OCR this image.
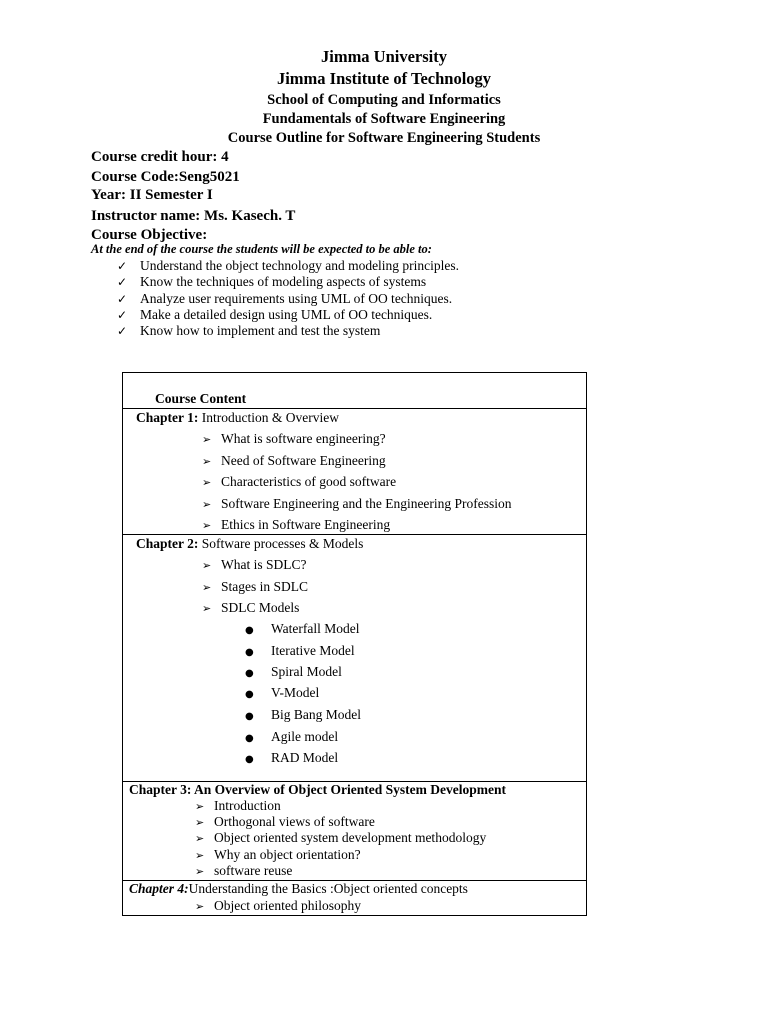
Jimma University
Jimma Institute of Technology
School of Computing and Informatics
Fundamentals of Software Engineering
Course Outline for Software Engineering Students
Course credit hour: 4
Course Code:Seng5021
Year: II Semester I
Instructor name: Ms. Kasech. T
Course Objective:
At the end of the course the students will be expected to be able to:
✓ Understand the object technology and modeling principles.
✓ Know the techniques of modeling aspects of systems
✓ Analyze user requirements using UML of OO techniques.
✓ Make a detailed design using UML of OO techniques.
✓ Know how to implement and test the system
Course Content
Chapter 1: Introduction & Overview
➢ What is software engineering?
➢ Need of Software Engineering
➢ Characteristics of good software
➢ Software Engineering and the Engineering Profession
➢ Ethics in Software Engineering
Chapter 2: Software processes & Models
➢ What is SDLC?
➢ Stages in SDLC
➢ SDLC Models
● Waterfall Model
● Iterative Model
● Spiral Model
● V-Model
● Big Bang Model
● Agile model
● RAD Model
Chapter 3: An Overview of Object Oriented System Development
➢ Introduction
➢ Orthogonal views of software
➢ Object oriented system development methodology
➢ Why an object orientation?
➢ software reuse
Chapter 4:Understanding the Basics :Object oriented concepts
➢ Object oriented philosophy
